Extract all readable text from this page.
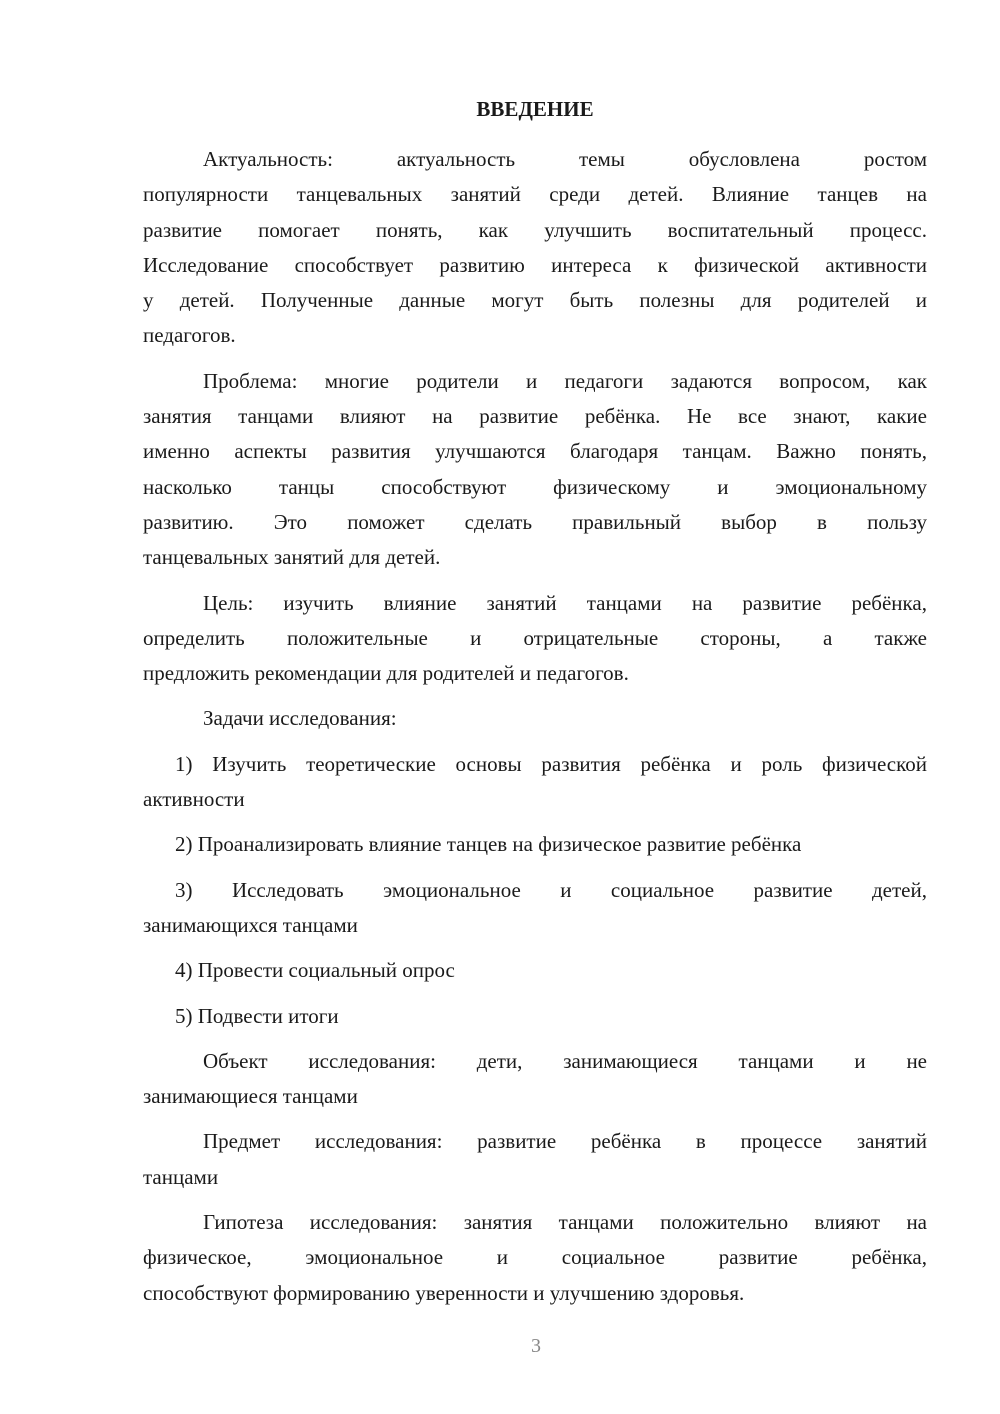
ВВЕДЕНИЕ
Актуальность: актуальность темы обусловлена ростом
популярности танцевальных занятий среди детей. Влияние танцев на
развитие помогает понять, как улучшить воспитательный процесс.
Исследование способствует развитию интереса к физической активности
у детей. Полученные данные могут быть полезны для родителей и
педагогов.
Проблема: многие родители и педагоги задаются вопросом, как
занятия танцами влияют на развитие ребёнка. Не все знают, какие
именно аспекты развития улучшаются благодаря танцам. Важно понять,
насколько танцы способствуют физическому и эмоциональному
развитию. Это поможет сделать правильный выбор в пользу
танцевальных занятий для детей.
Цель: изучить влияние занятий танцами на развитие ребёнка,
определить положительные и отрицательные стороны, а также
предложить рекомендации для родителей и педагогов.
Задачи исследования:
1) Изучить теоретические основы развития ребёнка и роль физической
активности
2) Проанализировать влияние танцев на физическое развитие ребёнка
3) Исследовать эмоциональное и социальное развитие детей,
занимающихся танцами
4) Провести социальный опрос
5) Подвести итоги
Объект исследования: дети, занимающиеся танцами и не
занимающиеся танцами
Предмет исследования: развитие ребёнка в процессе занятий
танцами
Гипотеза исследования: занятия танцами положительно влияют на
физическое, эмоциональное и социальное развитие ребёнка,
способствуют формированию уверенности и улучшению здоровья.
3
